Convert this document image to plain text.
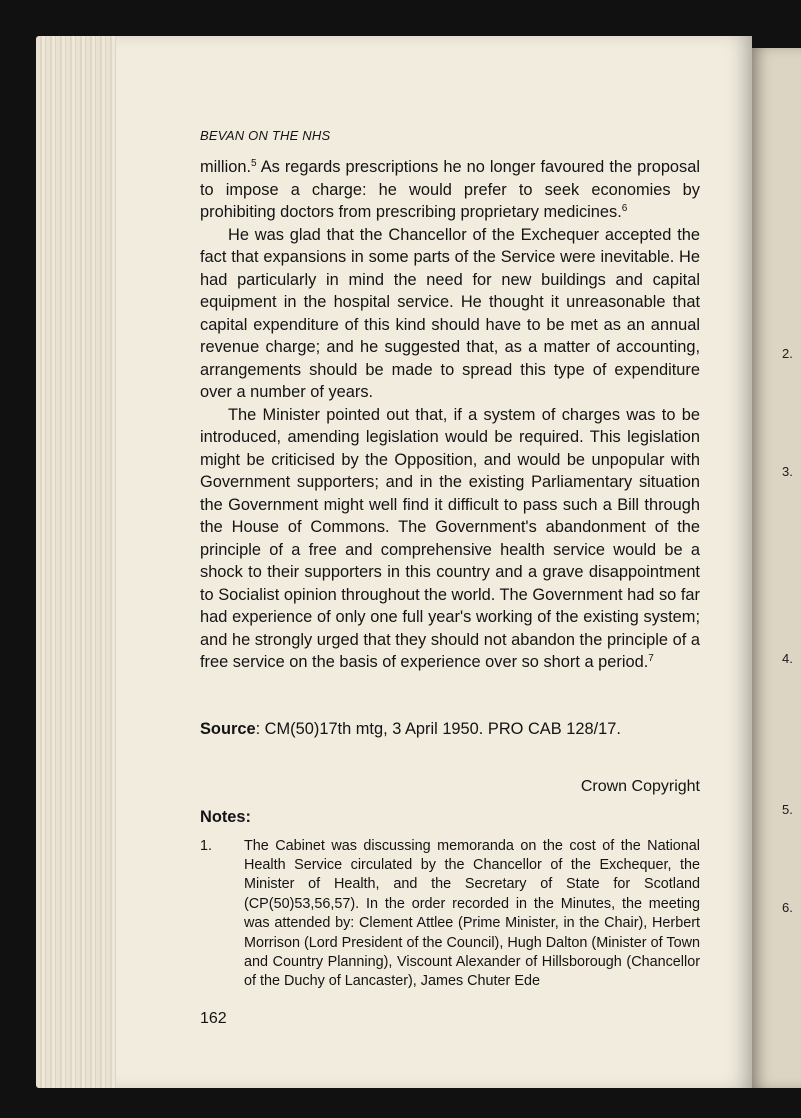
2.
3.
4.
5.
6.
BEVAN ON THE NHS

million.$^5$ As regards prescriptions he no longer favoured the proposal to impose a charge: he would prefer to seek economies by prohibiting doctors from prescribing proprietary medicines.$^6$

He was glad that the Chancellor of the Exchequer accepted the fact that expansions in some parts of the Service were inevitable. He had particularly in mind the need for new buildings and capital equipment in the hospital service. He thought it unreasonable that capital expenditure of this kind should have to be met as an annual revenue charge; and he suggested that, as a matter of accounting, arrangements should be made to spread this type of expenditure over a number of years.

The Minister pointed out that, if a system of charges was to be introduced, amending legislation would be required. This legislation might be criticised by the Opposition, and would be unpopular with Government supporters; and in the existing Parliamentary situation the Government might well find it difficult to pass such a Bill through the House of Commons. The Government's abandonment of the principle of a free and comprehensive health service would be a shock to their supporters in this country and a grave disappointment to Socialist opinion throughout the world. The Government had so far had experience of only one full year's working of the existing system; and he strongly urged that they should not abandon the principle of a free service on the basis of experience over so short a period.$^7$

Source: CM(50)17th mtg, 3 April 1950. PRO CAB 128/17.

Crown Copyright

Notes:
1.	The Cabinet was discussing memoranda on the cost of the National Health Service circulated by the Chancellor of the Exchequer, the Minister of Health, and the Secretary of State for Scotland (CP(50)53,56,57). In the order recorded in the Minutes, the meeting was attended by: Clement Attlee (Prime Minister, in the Chair), Herbert Morrison (Lord President of the Council), Hugh Dalton (Minister of Town and Country Planning), Viscount Alexander of Hillsborough (Chancellor of the Duchy of Lancaster), James Chuter Ede
162
